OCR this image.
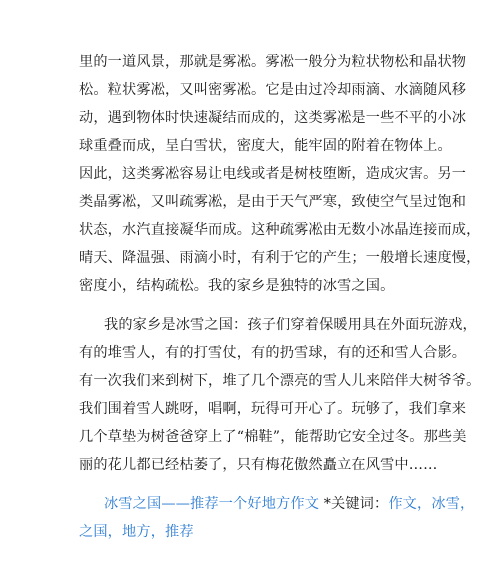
里的一道风景，那就是雾凇。雾凇一般分为粒状物松和晶状物
松。粒状雾凇，又叫密雾凇。它是由过冷却雨滴、水滴随风移
动，遇到物体时快速凝结而成的，这类雾凇是一些不平的小冰
球重叠而成，呈白雪状，密度大，能牢固的附着在物体上。
因此，这类雾凇容易让电线或者是树枝堕断，造成灾害。另一
类晶雾凇，又叫疏雾凇，是由于天气严寒，致使空气呈过饱和
状态，水汽直接凝华而成。这种疏雾凇由无数小冰晶连接而成，
晴天、降温强、雨滴小时，有利于它的产生；一般增长速度慢，
密度小，结构疏松。我的家乡是独特的冰雪之国。
我的家乡是冰雪之国：孩子们穿着保暖用具在外面玩游戏，
有的堆雪人，有的打雪仗，有的扔雪球，有的还和雪人合影。
有一次我们来到树下，堆了几个漂亮的雪人儿来陪伴大树爷爷。
我们围着雪人跳呀，唱啊，玩得可开心了。玩够了，我们拿来
几个草垫为树爸爸穿上了“棉鞋”，能帮助它安全过冬。那些美
丽的花儿都已经枯萎了，只有梅花傲然矗立在风雪中……
冰雪之国——推荐一个好地方作文 *关键词：作文，冰雪，
之国，地方，推荐
